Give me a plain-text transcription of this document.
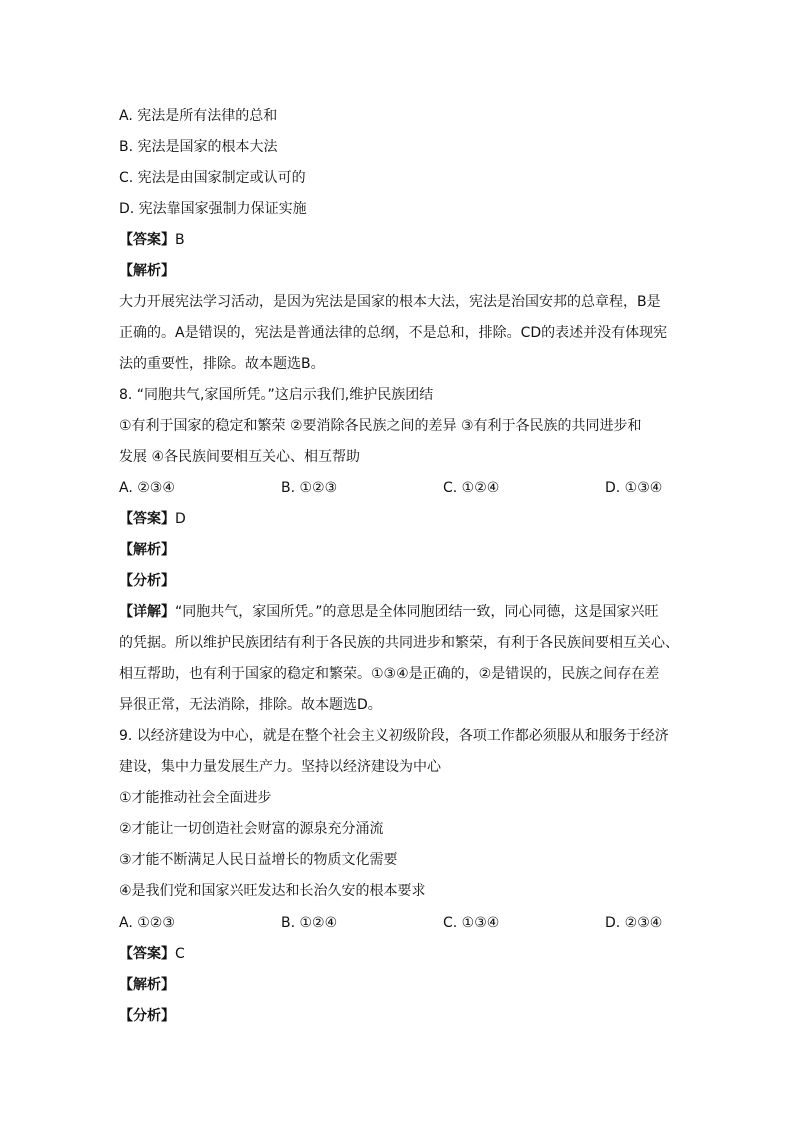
A. 宪法是所有法律的总和
B. 宪法是国家的根本大法
C. 宪法是由国家制定或认可的
D. 宪法靠国家强制力保证实施
【答案】B
【解析】
大力开展宪法学习活动，是因为宪法是国家的根本大法，宪法是治国安邦的总章程，B是
正确的。A是错误的，宪法是普通法律的总纲，不是总和，排除。CD的表述并没有体现宪
法的重要性，排除。故本题选B。
8. “同胞共气,家国所凭。”这启示我们,维护民族团结
①有利于国家的稳定和繁荣 ②要消除各民族之间的差异 ③有利于各民族的共同进步和
发展 ④各民族间要相互关心、相互帮助
A. ②③④	B. ①②③	C. ①②④	D. ①③④
【答案】D
【解析】
【分析】
【详解】“同胞共气，家国所凭。”的意思是全体同胞团结一致，同心同德，这是国家兴旺
的凭据。所以维护民族团结有利于各民族的共同进步和繁荣，有利于各民族间要相互关心、
相互帮助，也有利于国家的稳定和繁荣。①③④是正确的，②是错误的，民族之间存在差
异很正常，无法消除，排除。故本题选D。
9. 以经济建设为中心，就是在整个社会主义初级阶段，各项工作都必须服从和服务于经济
建设，集中力量发展生产力。坚持以经济建设为中心
①才能推动社会全面进步
②才能让一切创造社会财富的源泉充分涌流
③才能不断满足人民日益增长的物质文化需要
④是我们党和国家兴旺发达和长治久安的根本要求
A. ①②③	B. ①②④	C. ①③④	D. ②③④
【答案】C
【解析】
【分析】
